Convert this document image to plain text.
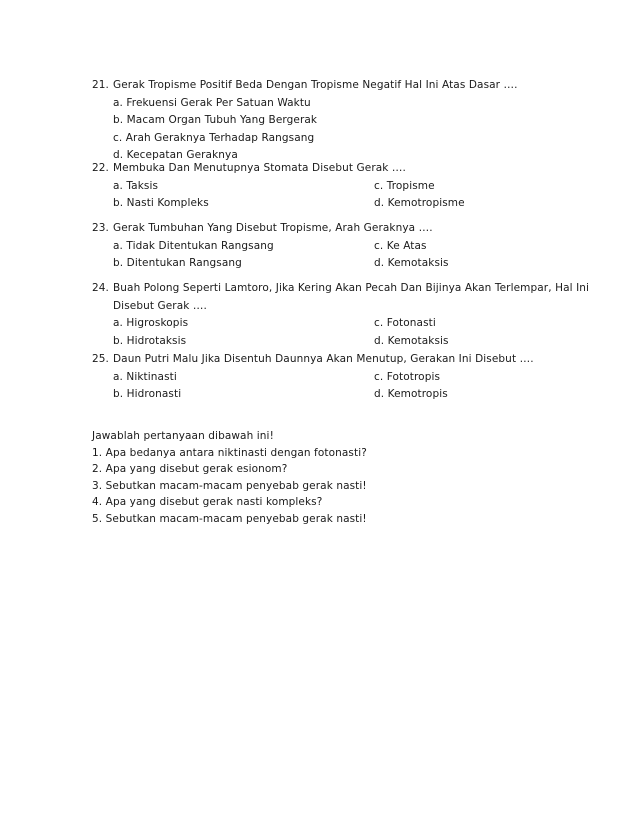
21. Gerak Tropisme Positif Beda Dengan Tropisme Negatif Hal Ini Atas Dasar ….
a. Frekuensi Gerak Per Satuan Waktu
b. Macam Organ Tubuh Yang Bergerak
c. Arah Geraknya Terhadap Rangsang
d. Kecepatan Geraknya
22. Membuka Dan Menutupnya Stomata Disebut Gerak ….
a. Taksis	c. Tropisme
b. Nasti Kompleks	d. Kemotropisme
23. Gerak Tumbuhan Yang Disebut Tropisme, Arah Geraknya ….
a. Tidak Ditentukan Rangsang	c. Ke Atas
b. Ditentukan Rangsang	d. Kemotaksis
24. Buah Polong Seperti Lamtoro, Jika Kering Akan Pecah Dan Bijinya Akan Terlempar, Hal Ini
Disebut Gerak ….
a. Higroskopis	c. Fotonasti
b. Hidrotaksis	d. Kemotaksis
25. Daun Putri Malu Jika Disentuh Daunnya Akan Menutup, Gerakan Ini Disebut ….
a. Niktinasti	c. Fototropis
b. Hidronasti	d. Kemotropis
Jawablah pertanyaan dibawah ini!
1. Apa bedanya antara niktinasti dengan fotonasti?
2. Apa yang disebut gerak esionom?
3. Sebutkan macam-macam penyebab gerak nasti!
4. Apa yang disebut gerak nasti kompleks?
5. Sebutkan macam-macam penyebab gerak nasti!
